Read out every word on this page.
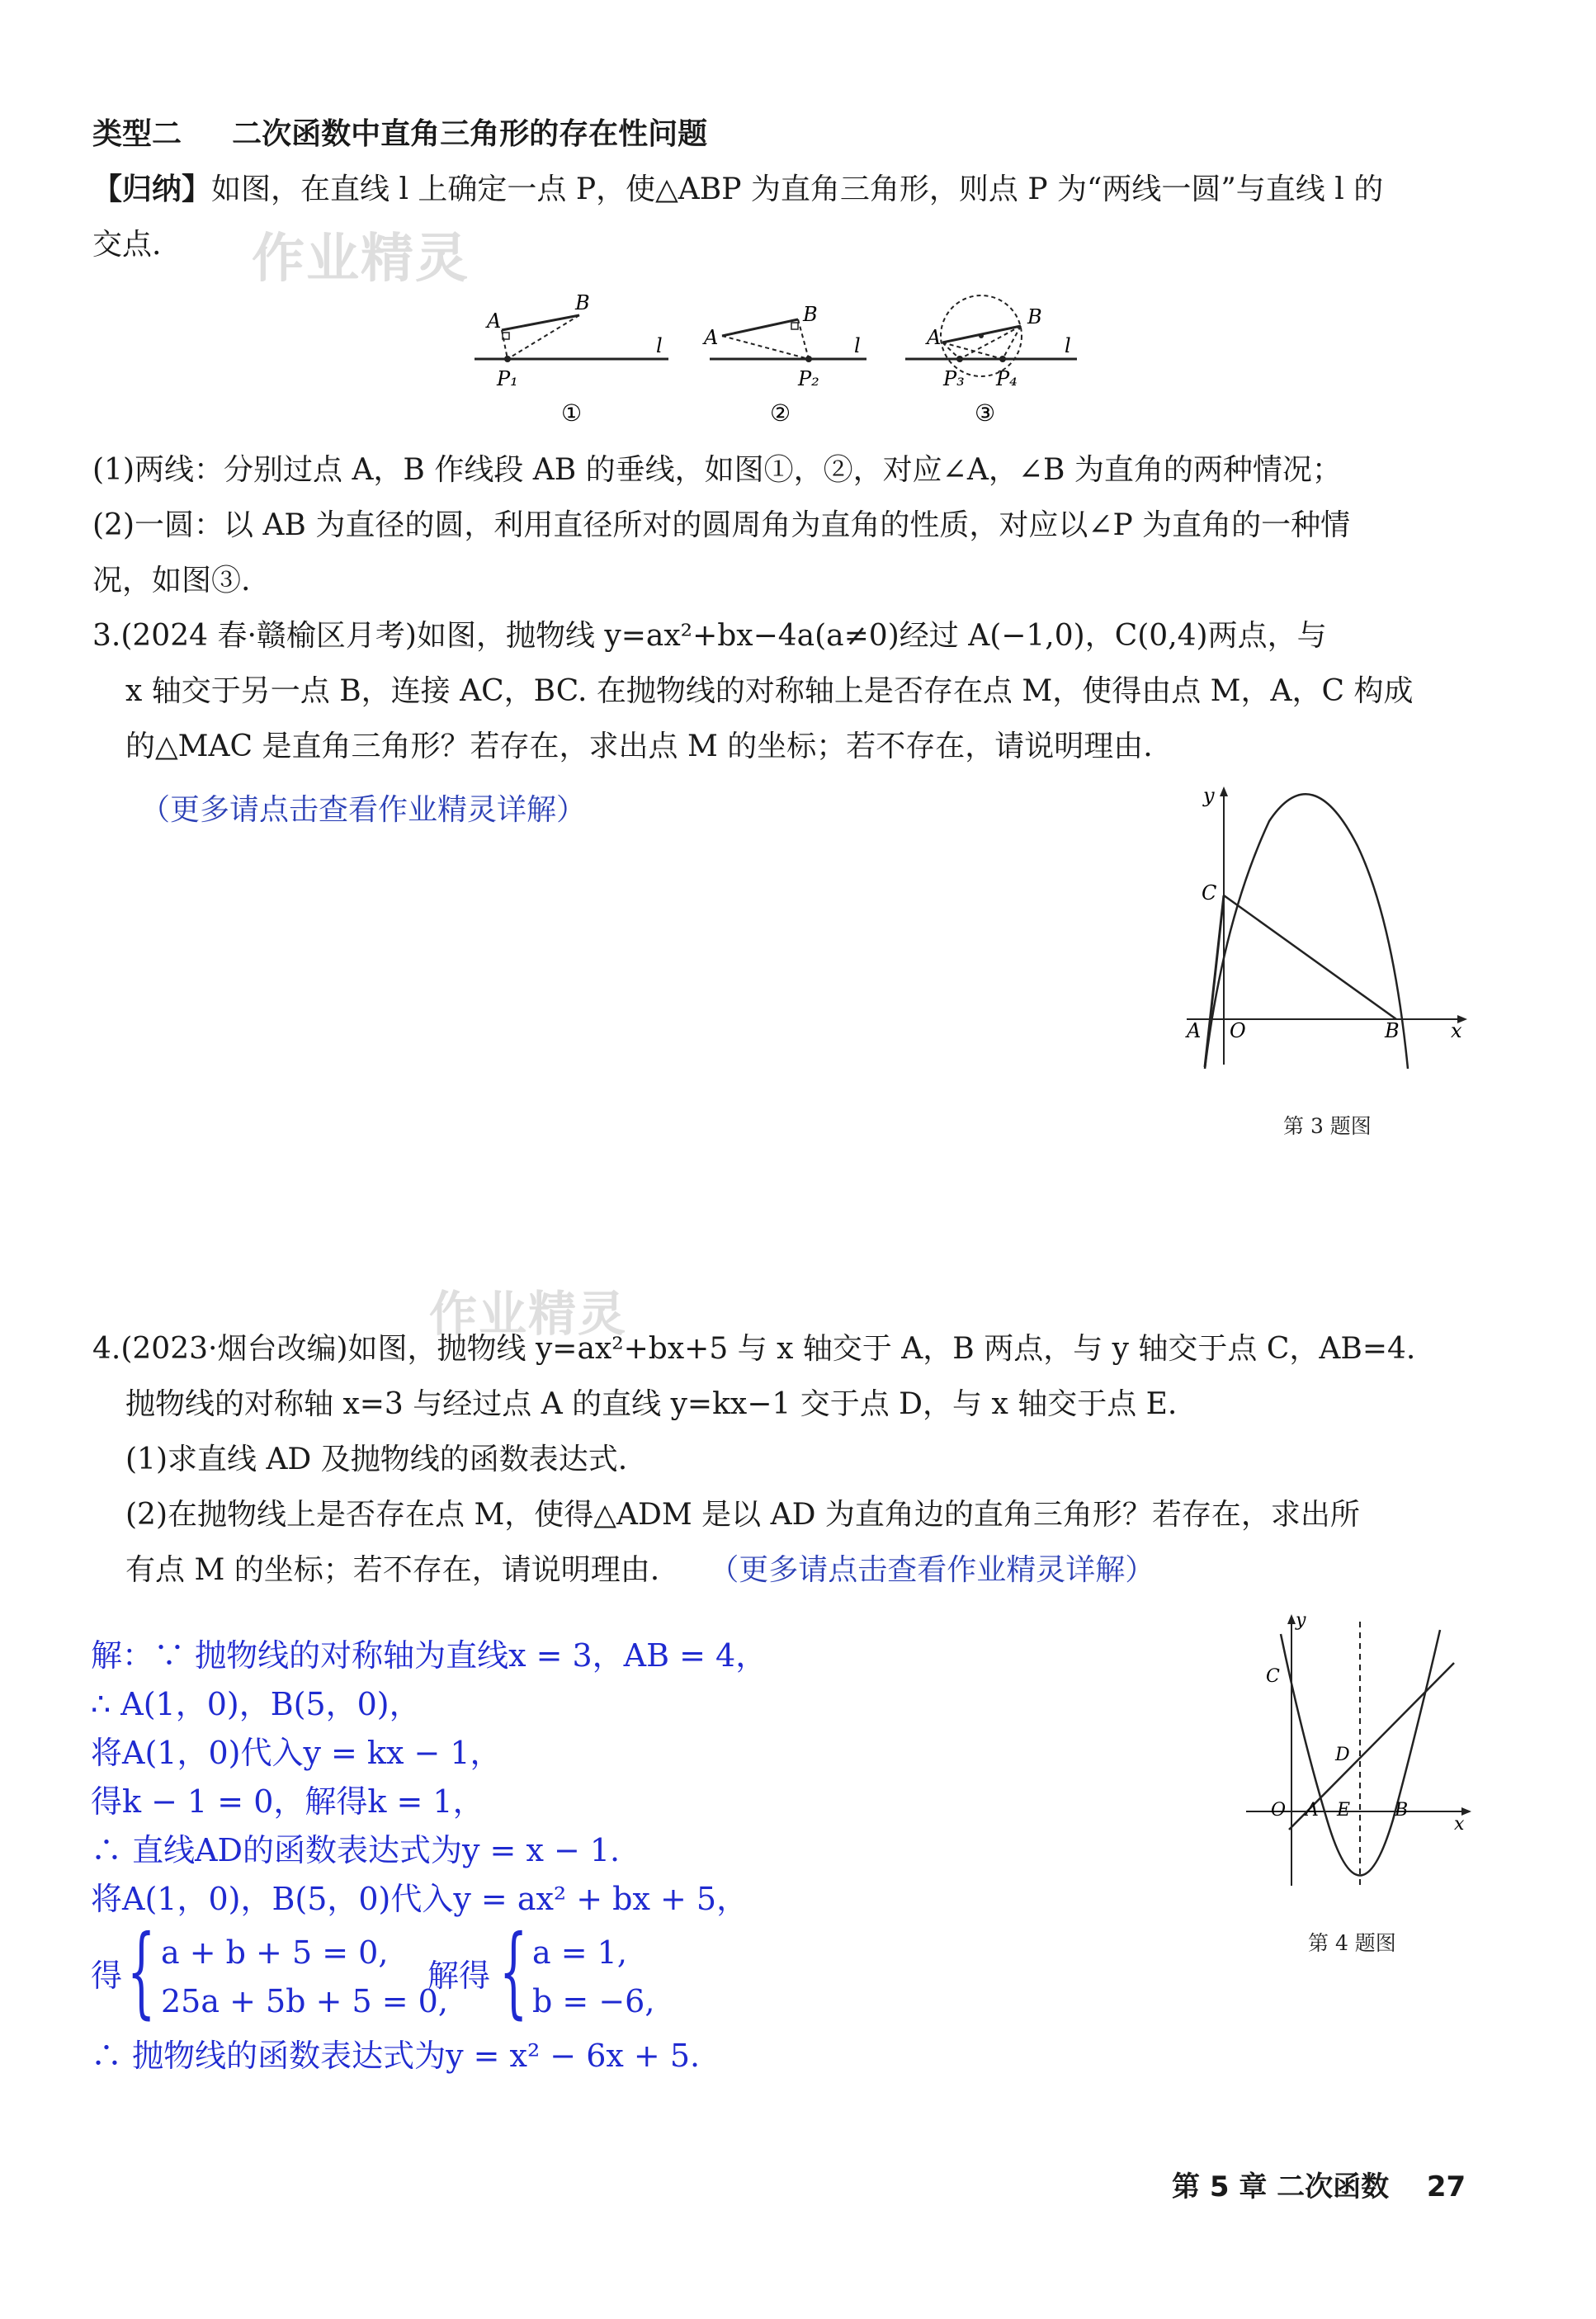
作业精灵
作业精灵
类型二 二次函数中直角三角形的存在性问题
【归纳】如图，在直线 l 上确定一点 P，使△ABP 为直角三角形，则点 P 为“两线一圆”与直线 l 的
交点.
A
B
l
P₁
①
A
B
l
P₂
②
A
B
l
P₃ P₄
③
(1)两线：分别过点 A，B 作线段 AB 的垂线，如图①，②，对应∠A，∠B 为直角的两种情况；
(2)一圆：以 AB 为直径的圆，利用直径所对的圆周角为直角的性质，对应以∠P 为直角的一种情
况，如图③.
3.(2024 春·赣榆区月考)如图，抛物线 y=ax²+bx−4a(a≠0)经过 A(−1,0)，C(0,4)两点，与
x 轴交于另一点 B，连接 AC，BC. 在抛物线的对称轴上是否存在点 M，使得由点 M，A，C 构成
的△MAC 是直角三角形？若存在，求出点 M 的坐标；若不存在，请说明理由.
（更多请点击查看作业精灵详解）	y
x
C
A O	B
第 3 题图
4.(2023·烟台改编)如图，抛物线 y=ax²+bx+5 与 x 轴交于 A，B 两点，与 y 轴交于点 C，AB=4.
抛物线的对称轴 x=3 与经过点 A 的直线 y=kx−1 交于点 D，与 x 轴交于点 E.
(1)求直线 AD 及抛物线的函数表达式.
(2)在抛物线上是否存在点 M，使得△ADM 是以 AD 为直角边的直角三角形？若存在，求出所
有点 M 的坐标；若不存在，请说明理由. （更多请点击查看作业精灵详解）
y
x
C
D
O A E B
第 4 题图
解：∵ 抛物线的对称轴为直线x = 3，AB = 4，
∴ A(1，0)，B(5，0)，
将A(1，0)代入y = kx − 1，
得k − 1 = 0，解得k = 1，
∴ 直线AD的函数表达式为y = x − 1.
将A(1，0)，B(5，0)代入y = ax² + bx + 5，
得 { a + b + 5 = 0,
25a + 5b + 5 = 0,
解得 { a = 1,
b = −6,
∴ 抛物线的函数表达式为y = x² − 6x + 5.
第 5 章 二次函数 27
